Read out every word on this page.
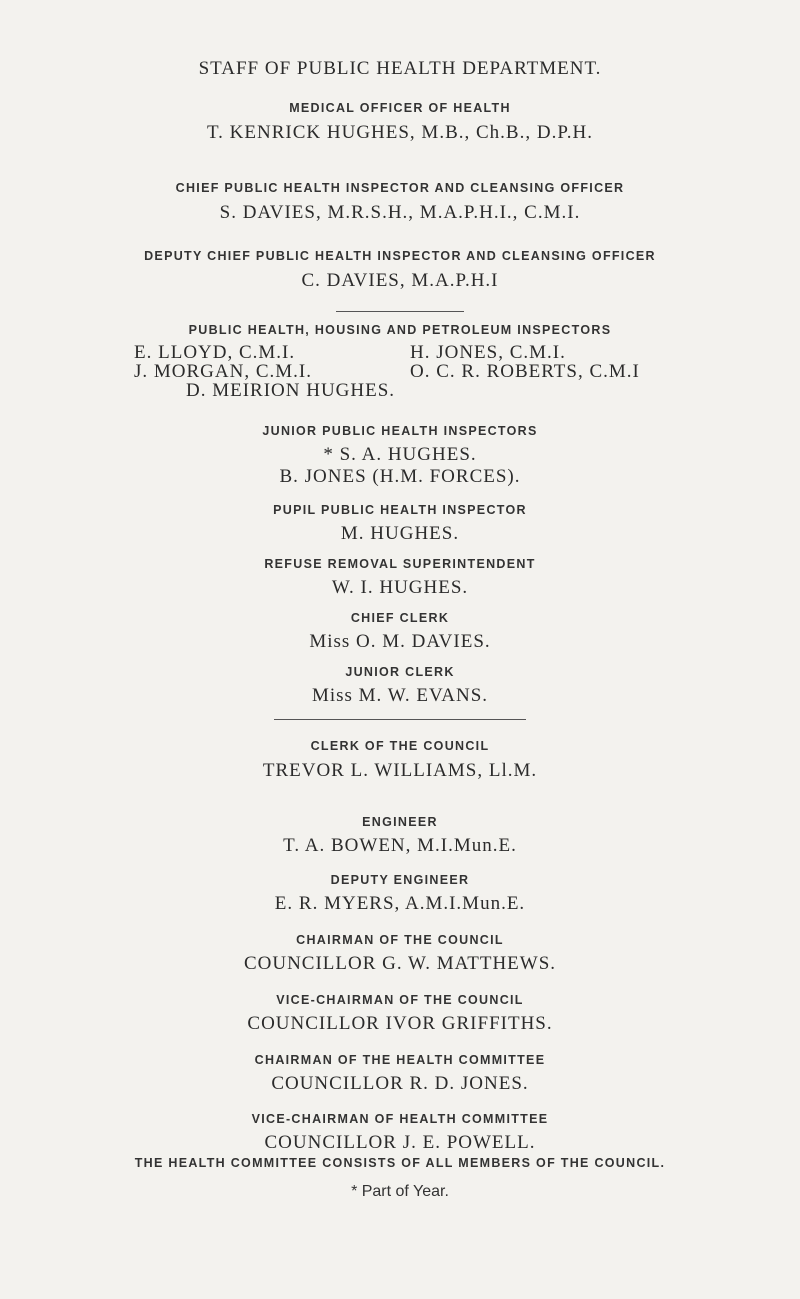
STAFF OF PUBLIC HEALTH DEPARTMENT.
MEDICAL OFFICER OF HEALTH
T. KENRICK HUGHES, M.B., Ch.B., D.P.H.
CHIEF PUBLIC HEALTH INSPECTOR AND CLEANSING OFFICER
S. DAVIES, M.R.S.H., M.A.P.H.I., C.M.I.
DEPUTY CHIEF PUBLIC HEALTH INSPECTOR AND CLEANSING OFFICER
C. DAVIES, M.A.P.H.I
PUBLIC HEALTH, HOUSING AND PETROLEUM INSPECTORS
E. LLOYD, C.M.I.	H. JONES, C.M.I.
J. MORGAN, C.M.I.	O. C. R. ROBERTS, C.M.I
D. MEIRION HUGHES.
JUNIOR PUBLIC HEALTH INSPECTORS
* S. A. HUGHES.
B. JONES (H.M. FORCES).
PUPIL PUBLIC HEALTH INSPECTOR
M. HUGHES.
REFUSE REMOVAL SUPERINTENDENT
W. I. HUGHES.
CHIEF CLERK
Miss O. M. DAVIES.
JUNIOR CLERK
Miss M. W. EVANS.
CLERK OF THE COUNCIL
TREVOR L. WILLIAMS, Ll.M.
ENGINEER
T. A. BOWEN, M.I.Mun.E.
DEPUTY ENGINEER
E. R. MYERS, A.M.I.Mun.E.
CHAIRMAN OF THE COUNCIL
COUNCILLOR G. W. MATTHEWS.
VICE-CHAIRMAN OF THE COUNCIL
COUNCILLOR IVOR GRIFFITHS.
CHAIRMAN OF THE HEALTH COMMITTEE
COUNCILLOR R. D. JONES.
VICE-CHAIRMAN OF HEALTH COMMITTEE
COUNCILLOR J. E. POWELL.
THE HEALTH COMMITTEE CONSISTS OF ALL MEMBERS OF THE COUNCIL.
* Part of Year.
